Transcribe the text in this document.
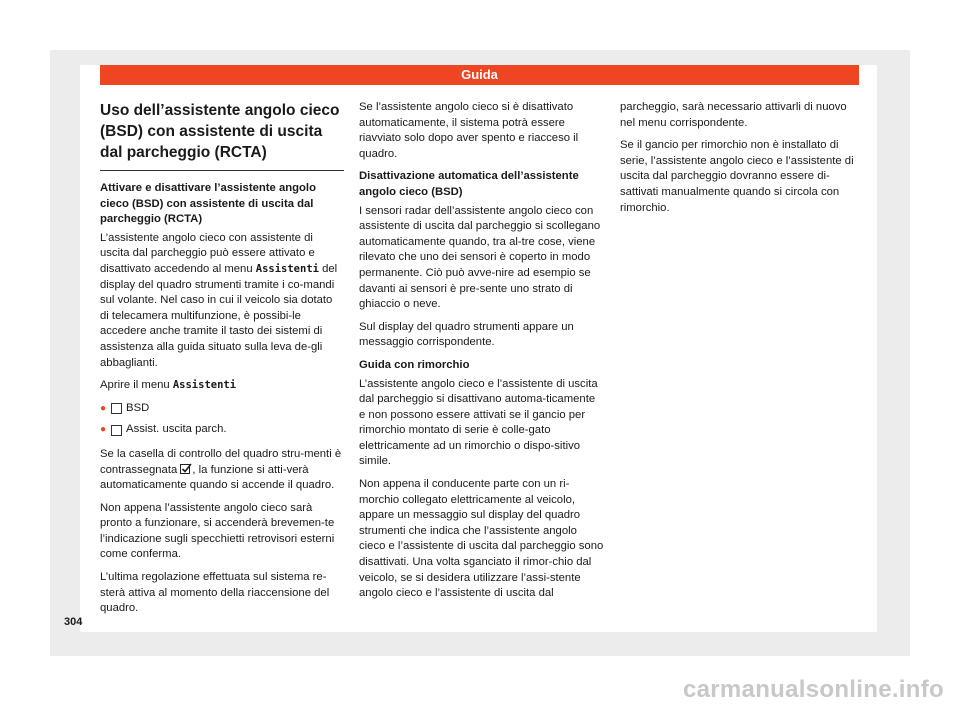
Guida
Uso dell’assistente angolo cieco (BSD) con assistente di uscita dal parcheggio (RCTA)
Attivare e disattivare l’assistente angolo cieco (BSD) con assistente di uscita dal parcheggio (RCTA)

L’assistente angolo cieco con assistente di uscita dal parcheggio può essere attivato e disattivato accedendo al menu Assistenti del display del quadro strumenti tramite i co-mandi sul volante. Nel caso in cui il veicolo sia dotato di telecamera multifunzione, è possibi-le accedere anche tramite il tasto dei sistemi di assistenza alla guida situato sulla leva de-gli abbaglianti.

Aprire il menu Assistenti

● BSD
● Assist. uscita parch.

Se la casella di controllo del quadro stru-menti è contrassegnata , la funzione si atti-verà automaticamente quando si accende il quadro.

Non appena l’assistente angolo cieco sarà pronto a funzionare, si accenderà brevemen-te l’indicazione sugli specchietti retrovisori esterni come conferma.

L’ultima regolazione effettuata sul sistema re-sterà attiva al momento della riaccensione del quadro.

Se l’assistente angolo cieco si è disattivato automaticamente, il sistema potrà essere riavviato solo dopo aver spento e riacceso il quadro.

Disattivazione automatica dell’assistente angolo cieco (BSD)

I sensori radar dell’assistente angolo cieco con assistente di uscita dal parcheggio si scollegano automaticamente quando, tra al-tre cose, viene rilevato che uno dei sensori è coperto in modo permanente. Ciò può avve-nire ad esempio se davanti ai sensori è pre-sente uno strato di ghiaccio o neve.

Sul display del quadro strumenti appare un messaggio corrispondente.

Guida con rimorchio

L’assistente angolo cieco e l’assistente di uscita dal parcheggio si disattivano automa-ticamente e non possono essere attivati se il gancio per rimorchio montato di serie è colle-gato elettricamente ad un rimorchio o dispo-sitivo simile.

Non appena il conducente parte con un ri-morchio collegato elettricamente al veicolo, appare un messaggio sul display del quadro strumenti che indica che l’assistente angolo cieco e l’assistente di uscita dal parcheggio sono disattivati. Una volta sganciato il rimor-chio dal veicolo, se si desidera utilizzare l’assi-stente angolo cieco e l’assistente di uscita dal

parcheggio, sarà necessario attivarli di nuovo nel menu corrispondente.

Se il gancio per rimorchio non è installato di serie, l’assistente angolo cieco e l’assistente di uscita dal parcheggio dovranno essere di-sattivati manualmente quando si circola con rimorchio.

304
carmanualsonline.info
